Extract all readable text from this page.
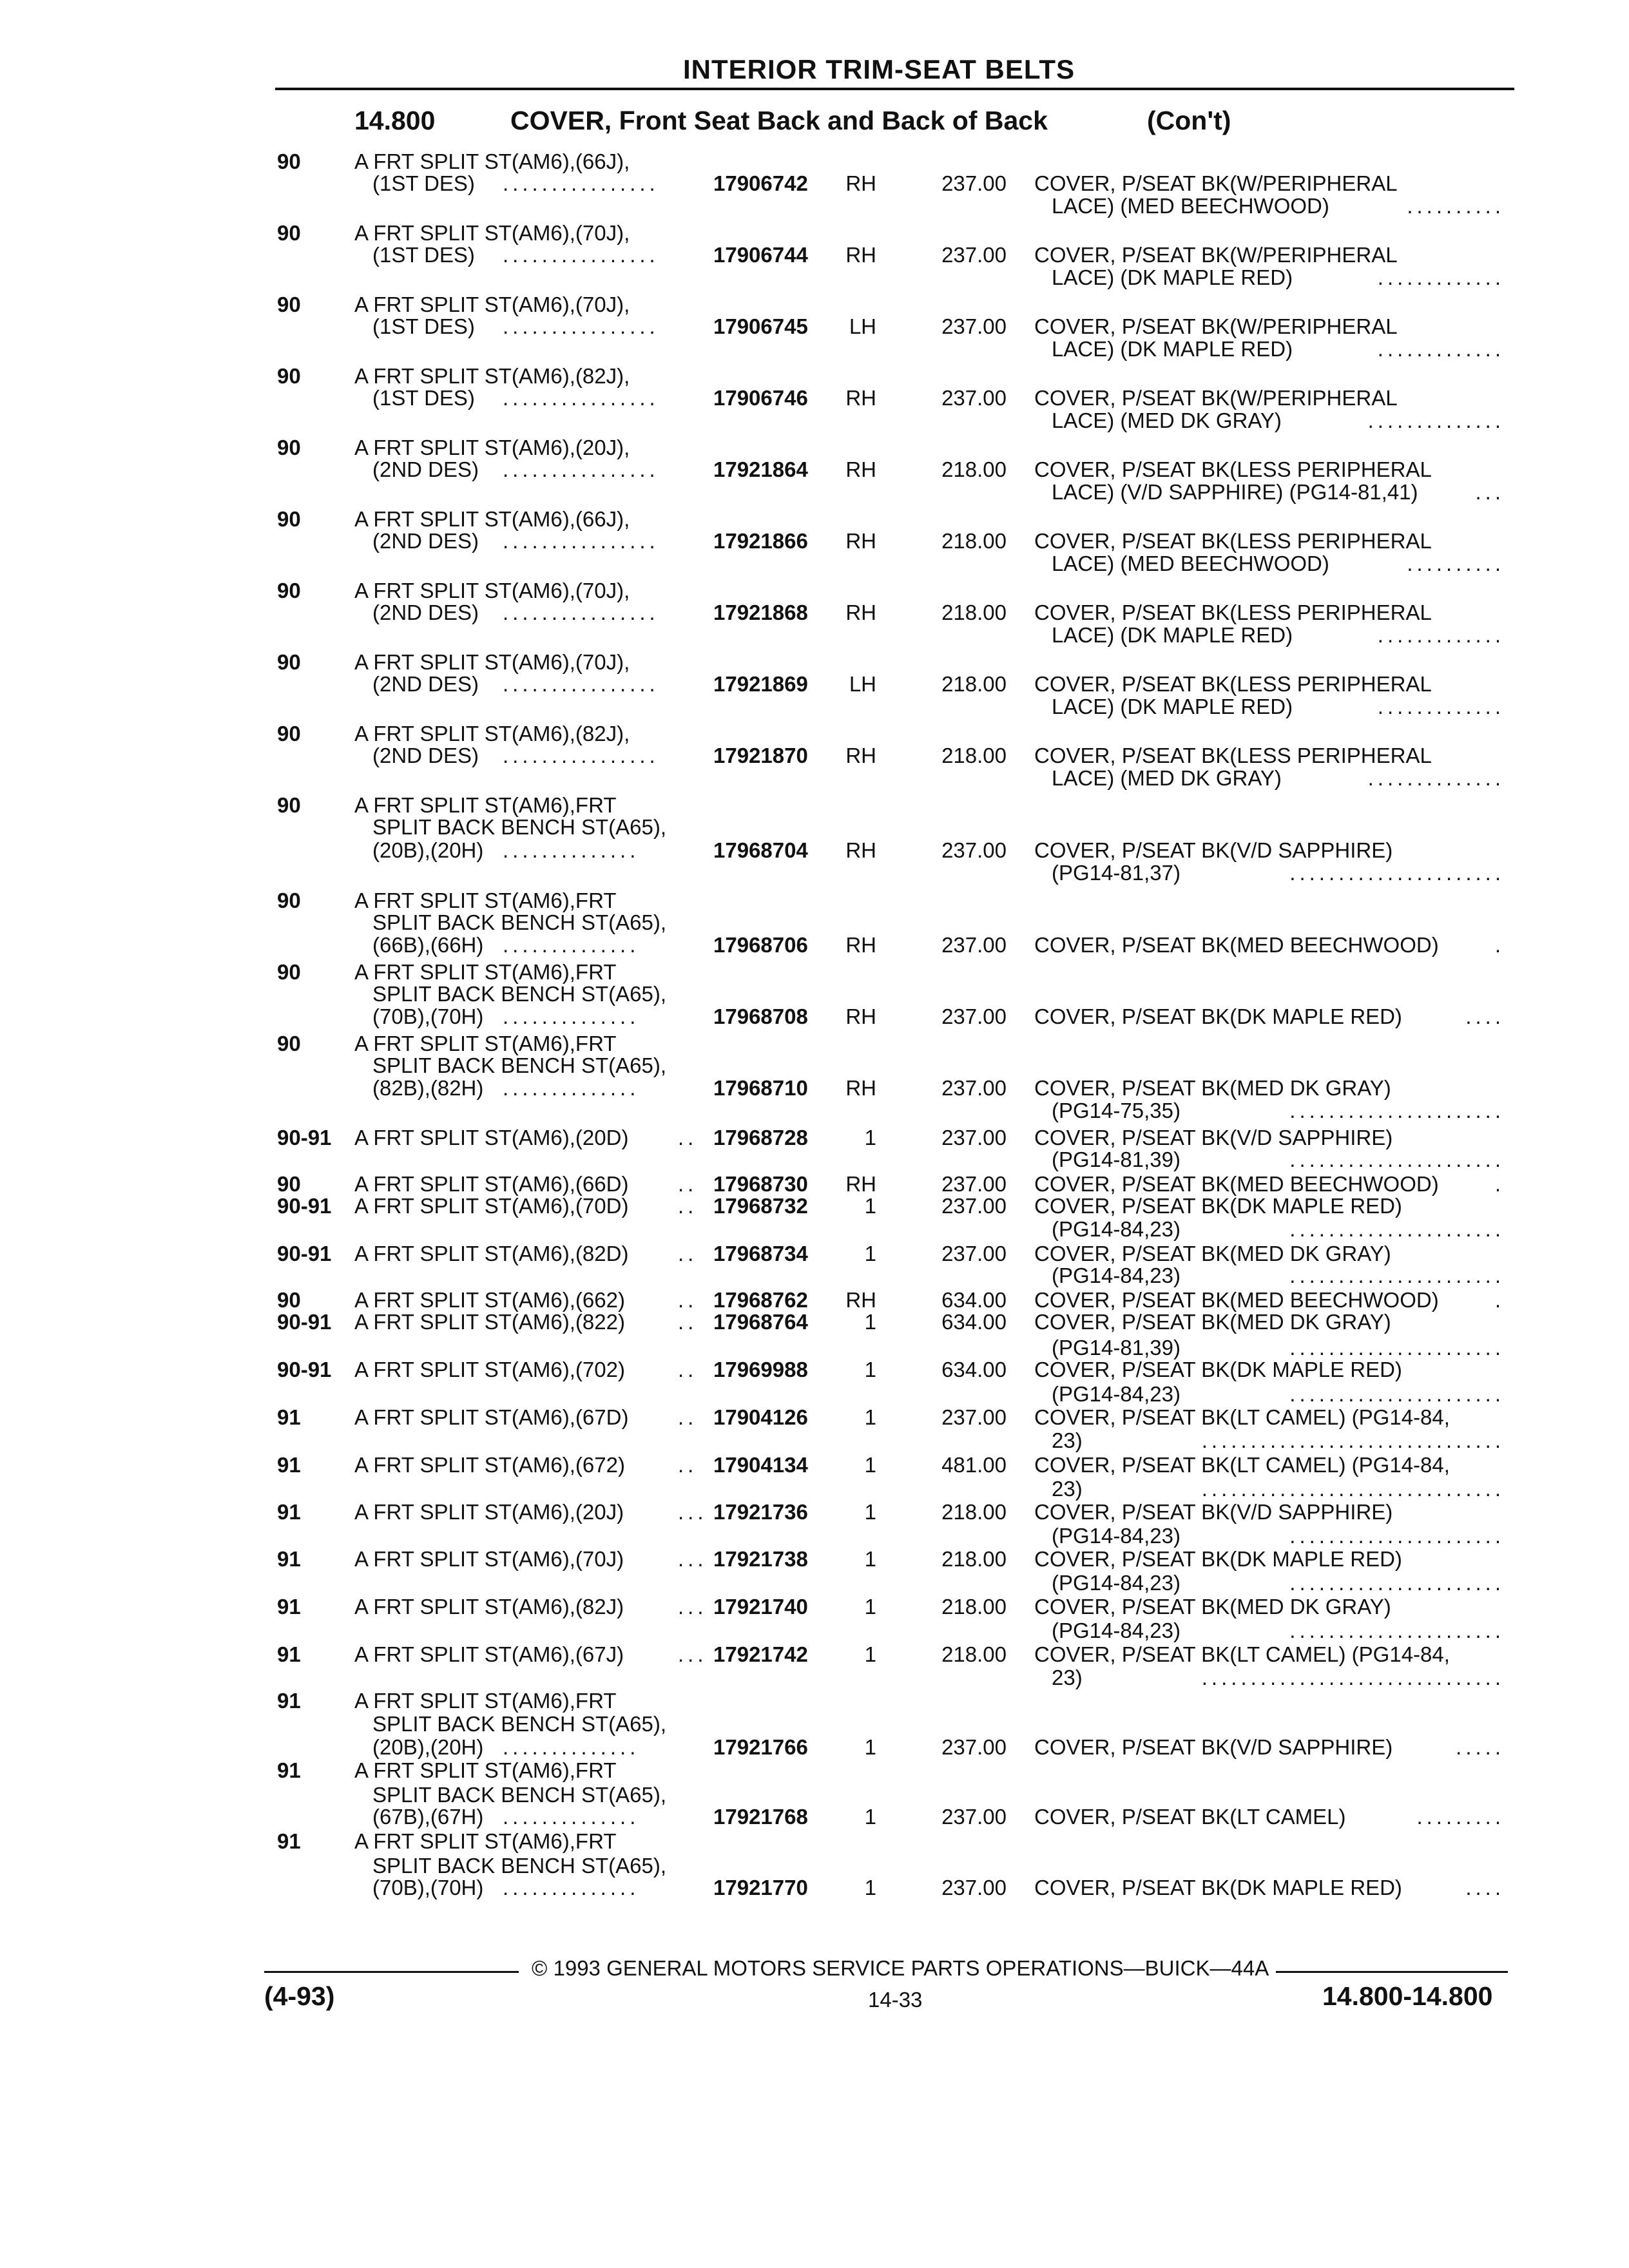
INTERIOR TRIM-SEAT BELTS
14.800	COVER, Front Seat Back and Back of Back	(Con't)
90	A FRT SPLIT ST(AM6),(66J),
(1ST DES) ................	17906742 RH	237.00 COVER, P/SEAT BK(W/PERIPHERAL
LACE) (MED BEECHWOOD)	..........
90	A FRT SPLIT ST(AM6),(70J),
(1ST DES) ................	17906744 RH	237.00 COVER, P/SEAT BK(W/PERIPHERAL
LACE) (DK MAPLE RED)	.............
90	A FRT SPLIT ST(AM6),(70J),
(1ST DES) ................	17906745 LH	237.00 COVER, P/SEAT BK(W/PERIPHERAL
LACE) (DK MAPLE RED)	.............
90	A FRT SPLIT ST(AM6),(82J),
(1ST DES) ................	17906746 RH	237.00 COVER, P/SEAT BK(W/PERIPHERAL
LACE) (MED DK GRAY)	..............
90	A FRT SPLIT ST(AM6),(20J),
(2ND DES) ................	17921864 RH	218.00 COVER, P/SEAT BK(LESS PERIPHERAL
LACE) (V/D SAPPHIRE) (PG14-81,41)	...
90	A FRT SPLIT ST(AM6),(66J),
(2ND DES) ................	17921866 RH	218.00 COVER, P/SEAT BK(LESS PERIPHERAL
LACE) (MED BEECHWOOD)	..........
90	A FRT SPLIT ST(AM6),(70J),
(2ND DES) ................	17921868 RH	218.00 COVER, P/SEAT BK(LESS PERIPHERAL
LACE) (DK MAPLE RED)	.............
90	A FRT SPLIT ST(AM6),(70J),
(2ND DES) ................	17921869 LH	218.00 COVER, P/SEAT BK(LESS PERIPHERAL
LACE) (DK MAPLE RED)	.............
90	A FRT SPLIT ST(AM6),(82J),
(2ND DES) ................	17921870 RH	218.00 COVER, P/SEAT BK(LESS PERIPHERAL
LACE) (MED DK GRAY)	..............
90	A FRT SPLIT ST(AM6),FRT
SPLIT BACK BENCH ST(A65),
(20B),(20H) ..............	17968704 RH	237.00 COVER, P/SEAT BK(V/D SAPPHIRE)
(PG14-81,37)	......................
90	A FRT SPLIT ST(AM6),FRT
SPLIT BACK BENCH ST(A65),
(66B),(66H) ..............	17968706 RH	237.00 COVER, P/SEAT BK(MED BEECHWOOD)	.
90	A FRT SPLIT ST(AM6),FRT
SPLIT BACK BENCH ST(A65),
(70B),(70H) ..............	17968708 RH	237.00 COVER, P/SEAT BK(DK MAPLE RED)	....
90	A FRT SPLIT ST(AM6),FRT
SPLIT BACK BENCH ST(A65),
(82B),(82H) ..............	17968710 RH	237.00 COVER, P/SEAT BK(MED DK GRAY)
(PG14-75,35)	......................
90-91 A FRT SPLIT ST(AM6),(20D) .. 17968728	1	237.00 COVER, P/SEAT BK(V/D SAPPHIRE)
(PG14-81,39)	......................
90	A FRT SPLIT ST(AM6),(66D) .. 17968730 RH	237.00 COVER, P/SEAT BK(MED BEECHWOOD)	.
90-91 A FRT SPLIT ST(AM6),(70D) .. 17968732	1	237.00 COVER, P/SEAT BK(DK MAPLE RED)
(PG14-84,23)	......................
90-91 A FRT SPLIT ST(AM6),(82D) .. 17968734	1	237.00 COVER, P/SEAT BK(MED DK GRAY)
(PG14-84,23)	......................
90	A FRT SPLIT ST(AM6),(662) .. 17968762 RH	634.00 COVER, P/SEAT BK(MED BEECHWOOD)	.
90-91 A FRT SPLIT ST(AM6),(822) .. 17968764	1	634.00 COVER, P/SEAT BK(MED DK GRAY)
(PG14-81,39)	......................
90-91 A FRT SPLIT ST(AM6),(702) .. 17969988	1	634.00 COVER, P/SEAT BK(DK MAPLE RED)
(PG14-84,23)	......................
91	A FRT SPLIT ST(AM6),(67D) .. 17904126	1	237.00 COVER, P/SEAT BK(LT CAMEL) (PG14-84,
23)	...............................
91	A FRT SPLIT ST(AM6),(672) .. 17904134	1	481.00 COVER, P/SEAT BK(LT CAMEL) (PG14-84,
23)	...............................
91	A FRT SPLIT ST(AM6),(20J)	... 17921736	1	218.00 COVER, P/SEAT BK(V/D SAPPHIRE)
(PG14-84,23)	......................
91	A FRT SPLIT ST(AM6),(70J)	... 17921738	1	218.00 COVER, P/SEAT BK(DK MAPLE RED)
(PG14-84,23)	......................
91	A FRT SPLIT ST(AM6),(82J)	... 17921740	1	218.00 COVER, P/SEAT BK(MED DK GRAY)
(PG14-84,23)	......................
91	A FRT SPLIT ST(AM6),(67J)	... 17921742	1	218.00 COVER, P/SEAT BK(LT CAMEL) (PG14-84,
23)	...............................
91	A FRT SPLIT ST(AM6),FRT
SPLIT BACK BENCH ST(A65),
(20B),(20H) ..............	17921766	1	237.00 COVER, P/SEAT BK(V/D SAPPHIRE)	.....
91	A FRT SPLIT ST(AM6),FRT
SPLIT BACK BENCH ST(A65),
(67B),(67H) ..............	17921768	1	237.00 COVER, P/SEAT BK(LT CAMEL)	.........
91	A FRT SPLIT ST(AM6),FRT
SPLIT BACK BENCH ST(A65),
(70B),(70H) ..............	17921770	1	237.00 COVER, P/SEAT BK(DK MAPLE RED)	....
© 1993 GENERAL MOTORS SERVICE PARTS OPERATIONS—BUICK—44A
(4-93)	14-33	14.800-14.800
